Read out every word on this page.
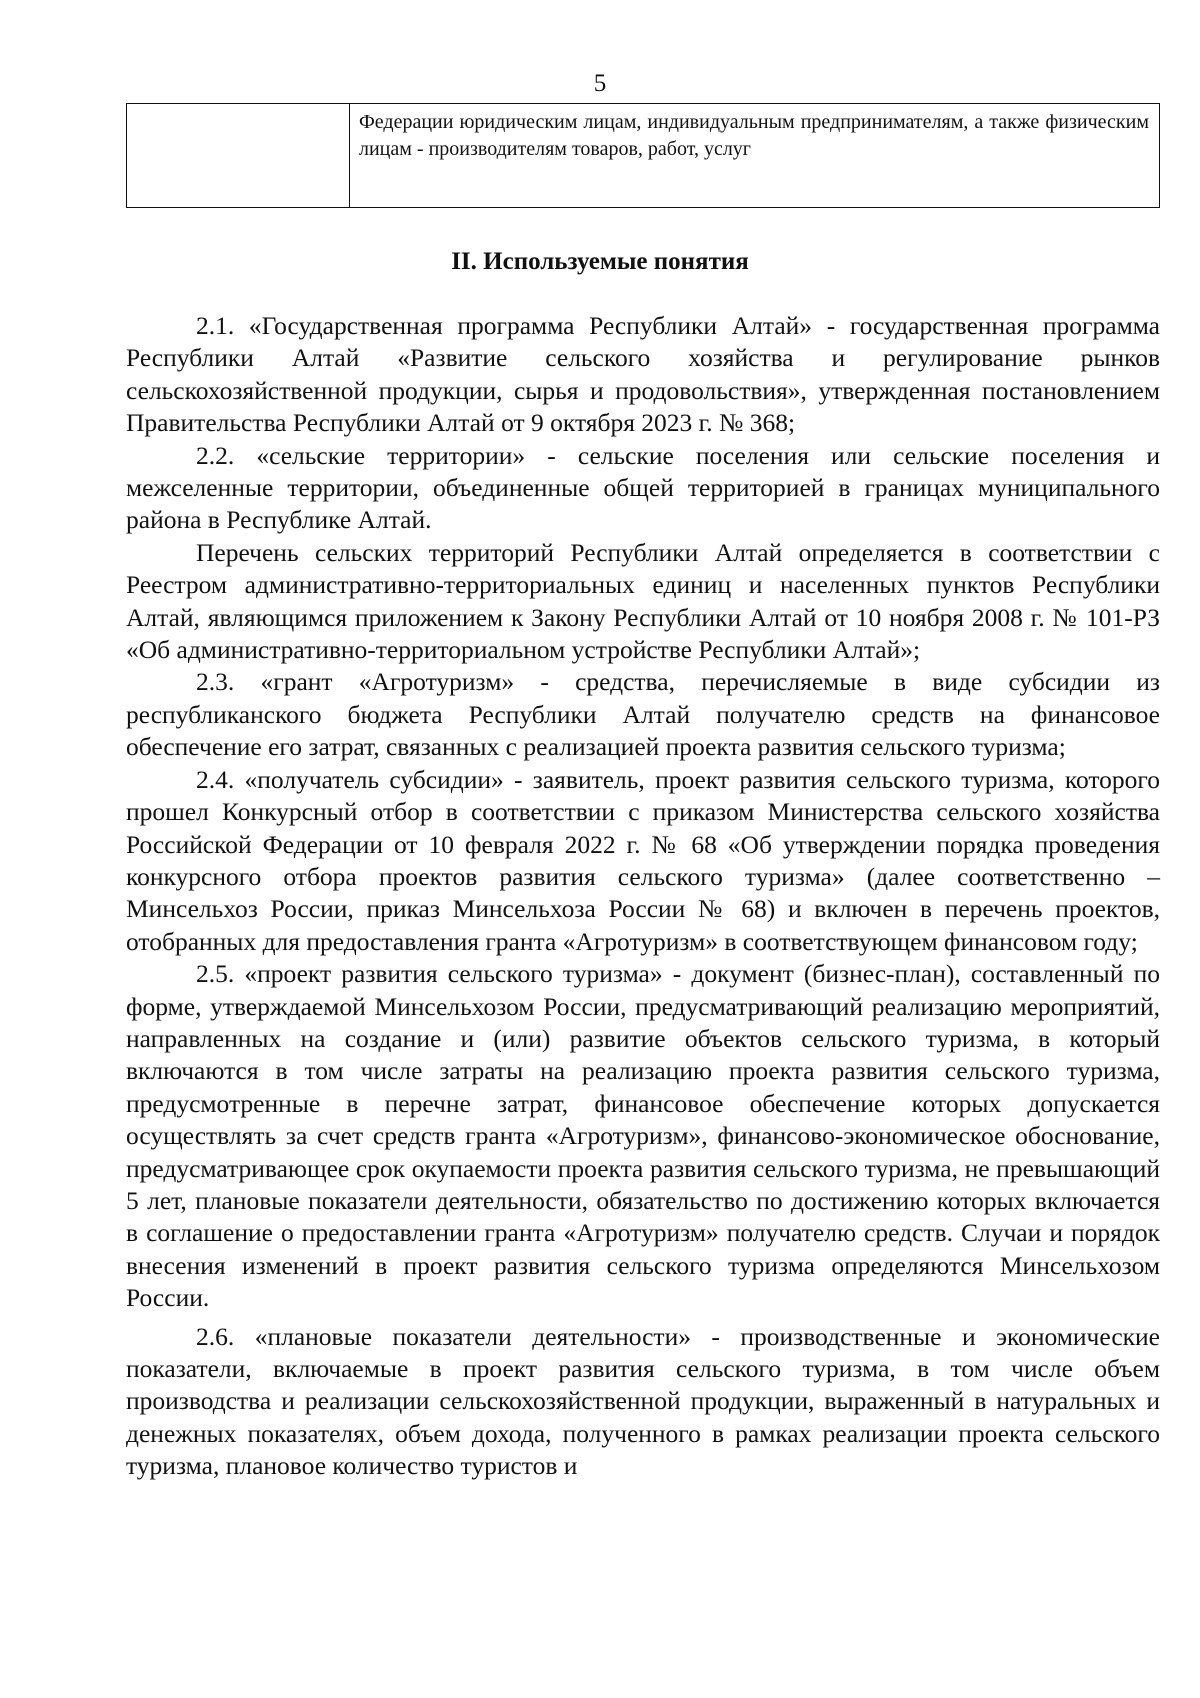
5
Федерации юридическим лицам, индивидуальным предпринимателям, а также физическим лицам - производителям товаров, работ, услуг
II. Используемые понятия

2.1. «Государственная программа Республики Алтай» - государственная программа Республики Алтай «Развитие сельского хозяйства и регулирование рынков сельскохозяйственной продукции, сырья и продовольствия», утвержденная постановлением Правительства Республики Алтай от 9 октября 2023 г. № 368;

2.2. «сельские территории» - сельские поселения или сельские поселения и межселенные территории, объединенные общей территорией в границах муниципального района в Республике Алтай.

Перечень сельских территорий Республики Алтай определяется в соответствии с Реестром административно-территориальных единиц и населенных пунктов Республики Алтай, являющимся приложением к Закону Республики Алтай от 10 ноября 2008 г. № 101-РЗ «Об административно-территориальном устройстве Республики Алтай»;

2.3. «грант «Агротуризм» - средства, перечисляемые в виде субсидии из республиканского бюджета Республики Алтай получателю средств на финансовое обеспечение его затрат, связанных с реализацией проекта развития сельского туризма;

2.4. «получатель субсидии» - заявитель, проект развития сельского туризма, которого прошел Конкурсный отбор в соответствии с приказом Министерства сельского хозяйства Российской Федерации от 10 февраля 2022 г. № 68 «Об утверждении порядка проведения конкурсного отбора проектов развития сельского туризма» (далее соответственно – Минсельхоз России, приказ Минсельхоза России № 68) и включен в перечень проектов, отобранных для предоставления гранта «Агротуризм» в соответствующем финансовом году;

2.5. «проект развития сельского туризма» - документ (бизнес-план), составленный по форме, утверждаемой Минсельхозом России, предусматривающий реализацию мероприятий, направленных на создание и (или) развитие объектов сельского туризма, в который включаются в том числе затраты на реализацию проекта развития сельского туризма, предусмотренные в перечне затрат, финансовое обеспечение которых допускается осуществлять за счет средств гранта «Агротуризм», финансово-экономическое обоснование, предусматривающее срок окупаемости проекта развития сельского туризма, не превышающий 5 лет, плановые показатели деятельности, обязательство по достижению которых включается в соглашение о предоставлении гранта «Агротуризм» получателю средств. Случаи и порядок внесения изменений в проект развития сельского туризма определяются Минсельхозом России.

2.6. «плановые показатели деятельности» - производственные и экономические показатели, включаемые в проект развития сельского туризма, в том числе объем производства и реализации сельскохозяйственной продукции, выраженный в натуральных и денежных показателях, объем дохода, полученного в рамках реализации проекта сельского туризма, плановое количество туристов и
